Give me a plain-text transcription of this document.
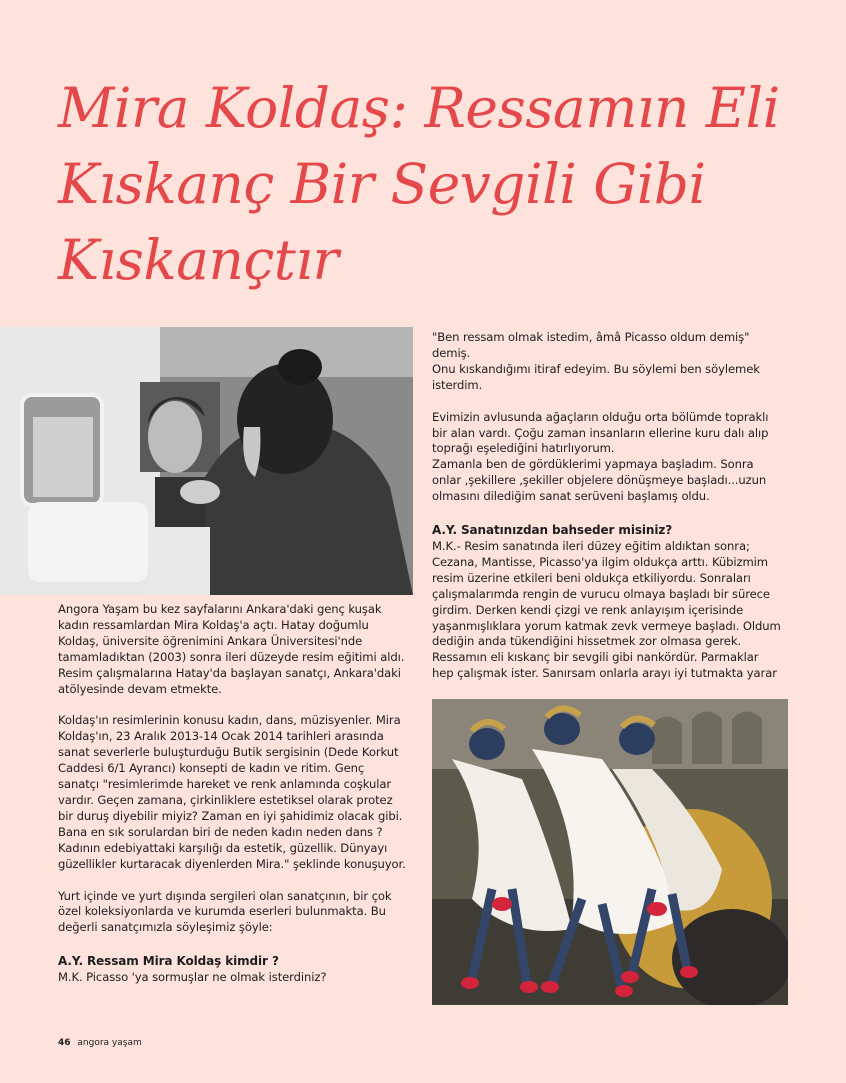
Mira Koldaş: Ressamın Eli
Kıskanç Bir Sevgili Gibi
Kıskançtır

"Ben ressam olmak istedim, âmâ Picasso oldum demiş"
demiş.
Onu kıskandığımı itiraf edeyim. Bu söylemi ben söylemek
isterdim.

Evimizin avlusunda ağaçların olduğu orta bölümde topraklı
bir alan vardı. Çoğu zaman insanların ellerine kuru dalı alıp
toprağı eşelediğini hatırlıyorum.
Zamanla ben de gördüklerimi yapmaya başladım. Sonra
onlar ,şekillere ,şekiller objelere dönüşmeye başladı...uzun
olmasını dilediğim sanat serüveni başlamış oldu.

A.Y. Sanatınızdan bahseder misiniz?

M.K.- Resim sanatında ileri düzey eğitim aldıktan sonra;
Cezana, Mantisse, Picasso'ya ilgim oldukça arttı. Kübizmim
resim üzerine etkileri beni oldukça etkiliyordu. Sonraları
çalışmalarımda rengin de vurucu olmaya başladı bir sürece
girdim. Derken kendi çizgi ve renk anlayışım içerisinde
yaşanmışlıklara yorum katmak zevk vermeye başladı. Oldum
dediğin anda tükendiğini hissetmek zor olmasa gerek.
Ressamın eli kıskanç bir sevgili gibi nankördür. Parmaklar
hep çalışmak ister. Sanırsam onlarla arayı iyi tutmakta yarar

Angora Yaşam bu kez sayfalarını Ankara'daki genç kuşak
kadın ressamlardan Mira Koldaş'a açtı. Hatay doğumlu
Koldaş, üniversite öğrenimini Ankara Üniversitesi'nde
tamamladıktan (2003) sonra ileri düzeyde resim eğitimi aldı.
Resim çalışmalarına Hatay'da başlayan sanatçı, Ankara'daki
atölyesinde devam etmekte.

Koldaş'ın resimlerinin konusu kadın, dans, müzisyenler. Mira
Koldaş'ın, 23 Aralık 2013-14 Ocak 2014 tarihleri arasında
sanat severlerle buluşturduğu Butik sergisinin (Dede Korkut
Caddesi 6/1 Ayrancı) konsepti de kadın ve ritim. Genç
sanatçı "resimlerimde hareket ve renk anlamında coşkular
vardır. Geçen zamana, çirkinliklere estetiksel olarak protez
bir duruş diyebilir miyiz? Zaman en iyi şahidimiz olacak gibi.
Bana en sık sorulardan biri de neden kadın neden dans ?
Kadının edebiyattaki karşılığı da estetik, güzellik. Dünyayı
güzellikler kurtaracak diyenlerden Mira." şeklinde konuşuyor.

Yurt içinde ve yurt dışında sergileri olan sanatçının, bir çok
özel koleksiyonlarda ve kurumda eserleri bulunmakta. Bu
değerli sanatçımızla söyleşimiz şöyle:

A.Y. Ressam Mira Koldaş kimdir ?

M.K. Picasso 'ya sormuşlar ne olmak isterdiniz?

46 angora yaşam
